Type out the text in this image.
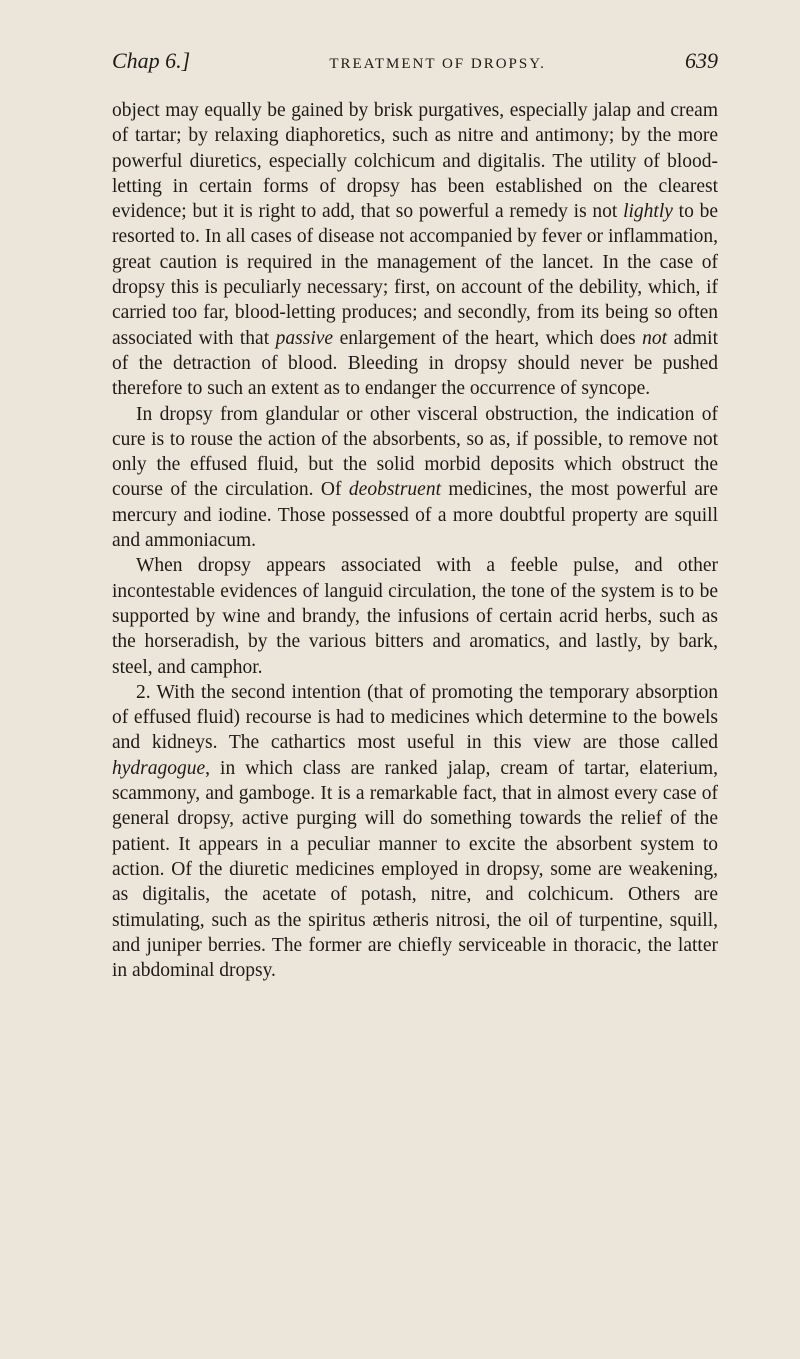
Chap 6.]	TREATMENT OF DROPSY.	639

object may equally be gained by brisk purgatives, especially jalap and cream of tartar; by relaxing diaphoretics, such as nitre and antimony; by the more powerful diuretics, especially colchicum and digitalis. The utility of blood-letting in certain forms of dropsy has been established on the clearest evidence; but it is right to add, that so powerful a remedy is not lightly to be resorted to. In all cases of disease not accompanied by fever or inflammation, great caution is required in the management of the lancet. In the case of dropsy this is peculiarly necessary; first, on account of the debility, which, if carried too far, blood-letting produces; and secondly, from its being so often associated with that passive enlargement of the heart, which does not admit of the detraction of blood. Bleeding in dropsy should never be pushed therefore to such an extent as to endanger the occurrence of syncope.

In dropsy from glandular or other visceral obstruction, the indication of cure is to rouse the action of the absorbents, so as, if possible, to remove not only the effused fluid, but the solid morbid deposits which obstruct the course of the circulation. Of deobstruent medicines, the most powerful are mercury and iodine. Those possessed of a more doubtful property are squill and ammoniacum.

When dropsy appears associated with a feeble pulse, and other incontestable evidences of languid circulation, the tone of the system is to be supported by wine and brandy, the infusions of certain acrid herbs, such as the horseradish, by the various bitters and aromatics, and lastly, by bark, steel, and camphor.

2. With the second intention (that of promoting the temporary absorption of effused fluid) recourse is had to medicines which determine to the bowels and kidneys. The cathartics most useful in this view are those called hydragogue, in which class are ranked jalap, cream of tartar, elaterium, scammony, and gamboge. It is a remarkable fact, that in almost every case of general dropsy, active purging will do something towards the relief of the patient. It appears in a peculiar manner to excite the absorbent system to action. Of the diuretic medicines employed in dropsy, some are weakening, as digitalis, the acetate of potash, nitre, and colchicum. Others are stimulating, such as the spiritus ætheris nitrosi, the oil of turpentine, squill, and juniper berries. The former are chiefly serviceable in thoracic, the latter in abdominal dropsy.
